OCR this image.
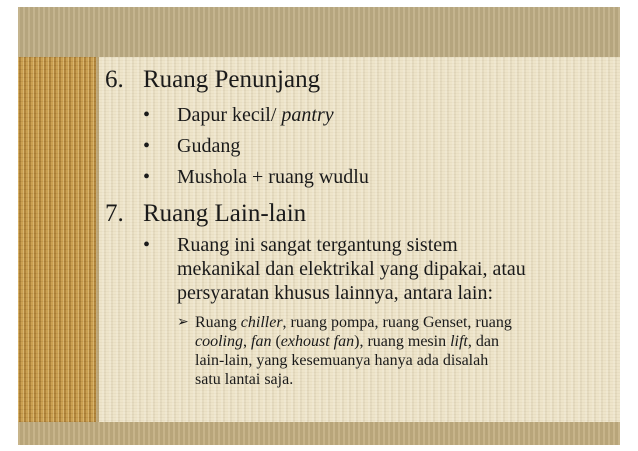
6. Ruang Penunjang
• Dapur kecil/ pantry
• Gudang
• Mushola + ruang wudlu
7. Ruang Lain-lain
• Ruang ini sangat tergantung sistem
mekanikal dan elektrikal yang dipakai, atau
persyaratan khusus lainnya, antara lain:
➢ Ruang chiller, ruang pompa, ruang Genset, ruang
cooling, fan (exhoust fan), ruang mesin lift, dan
lain-lain, yang kesemuanya hanya ada disalah
satu lantai saja.
